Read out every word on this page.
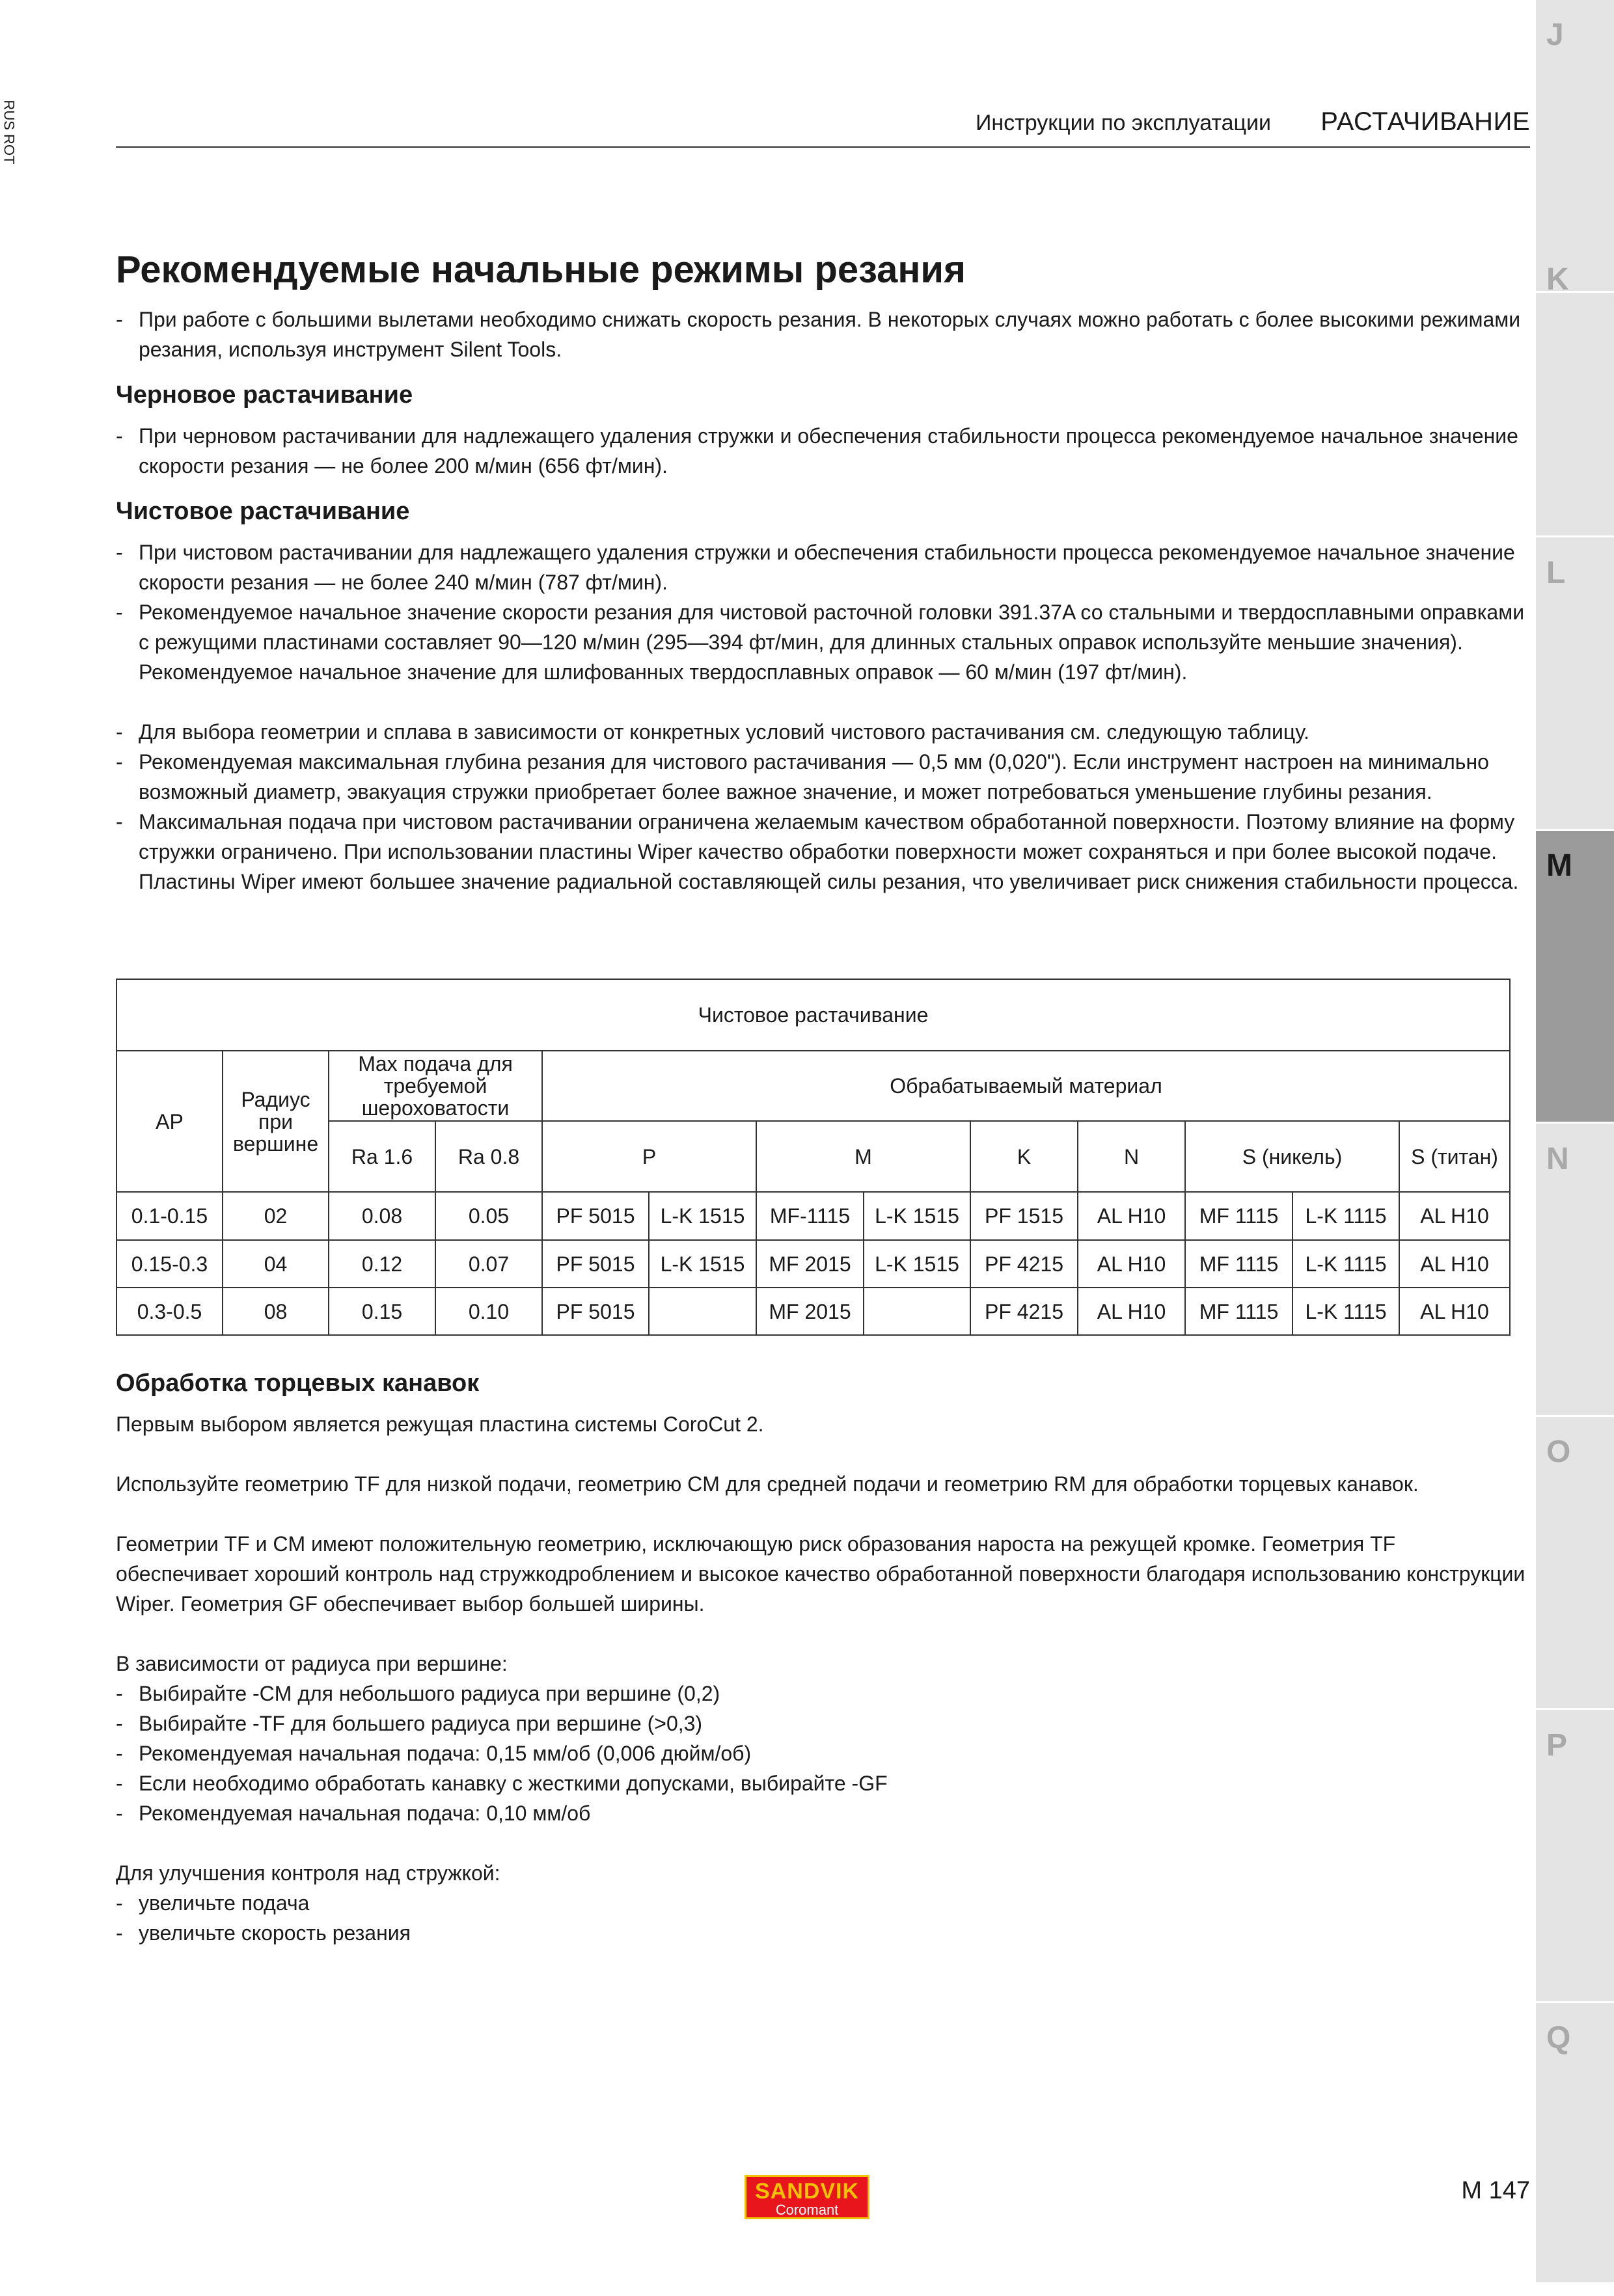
RUS ROT
J
K
L
M
N
O
P
Q
Инструкции по эксплуатации РАСТАЧИВАНИЕ
Рекомендуемые начальные режимы резания
- При работе с большими вылетами необходимо снижать скорость резания. В некоторых случаях можно работать с более высокими режимами резания, используя инструмент Silent Tools.
Черновое растачивание
- При черновом растачивании для надлежащего удаления стружки и обеспечения стабильности процесса рекомендуемое начальное значение скорости резания — не более 200 м/мин (656 фт/мин).
Чистовое растачивание
- При чистовом растачивании для надлежащего удаления стружки и обеспечения стабильности процесса рекомендуемое начальное значение скорости резания — не более 240 м/мин (787 фт/мин).
- Рекомендуемое начальное значение скорости резания для чистовой расточной головки 391.37A со стальными и твердосплавными оправками с режущими пластинами составляет 90—120 м/мин (295—394 фт/мин, для длинных стальных оправок используйте меньшие значения). Рекомендуемое начальное значение для шлифованных твердосплавных оправок — 60 м/мин (197 фт/мин).
- Для выбора геометрии и сплава в зависимости от конкретных условий чистового растачивания см. следующую таблицу.
- Рекомендуемая максимальная глубина резания для чистового растачивания — 0,5 мм (0,020"). Если инструмент настроен на минимально возможный диаметр, эвакуация стружки приобретает более важное значение, и может потребоваться уменьшение глубины резания.
- Максимальная подача при чистовом растачивании ограничена желаемым качеством обработанной поверхности. Поэтому влияние на форму стружки ограничено. При использовании пластины Wiper качество обработки поверхности может сохраняться и при более высокой подаче. Пластины Wiper имеют большее значение радиальной составляющей силы резания, что увеличивает риск снижения стабильности процесса.
Чистовое растачивание												
AP	Радиус при вершине	Max подача для требуемой шероховатости		Обрабатываемый материал								
		Ra 1.6	Ra 0.8	P		M		K	N	S (никель)		S (титан)
0.1-0.15	02	0.08	0.05	PF 5015	L-K 1515	MF-1115	L-K 1515	PF 1515	AL H10	MF 1115	L-K 1115	AL H10
0.15-0.3	04	0.12	0.07	PF 5015	L-K 1515	MF 2015	L-K 1515	PF 4215	AL H10	MF 1115	L-K 1115	AL H10
0.3-0.5	08	0.15	0.10	PF 5015		MF 2015		PF 4215	AL H10	MF 1115	L-K 1115	AL H10
Обработка торцевых канавок

Первым выбором является режущая пластина системы CoroCut 2.

Используйте геометрию TF для низкой подачи, геометрию CM для средней подачи и геометрию RM для обработки торцевых канавок.

Геометрии TF и CM имеют положительную геометрию, исключающую риск образования нароста на режущей кромке. Геометрия TF обеспечивает хороший контроль над стружкодроблением и высокое качество обработанной поверхности благодаря использованию конструкции Wiper. Геометрия GF обеспечивает выбор большей ширины.

В зависимости от радиуса при вершине:

- Выбирайте -CM для небольшого радиуса при вершине (0,2)
- Выбирайте -TF для большего радиуса при вершине (>0,3)
- Рекомендуемая начальная подача: 0,15 мм/об (0,006 дюйм/об)
- Если необходимо обработать канавку с жесткими допусками, выбирайте -GF
- Рекомендуемая начальная подача: 0,10 мм/об

Для улучшения контроля над стружкой:

- увеличьте подача
- увеличьте скорость резания
SANDVIK
Coromant
M 147
